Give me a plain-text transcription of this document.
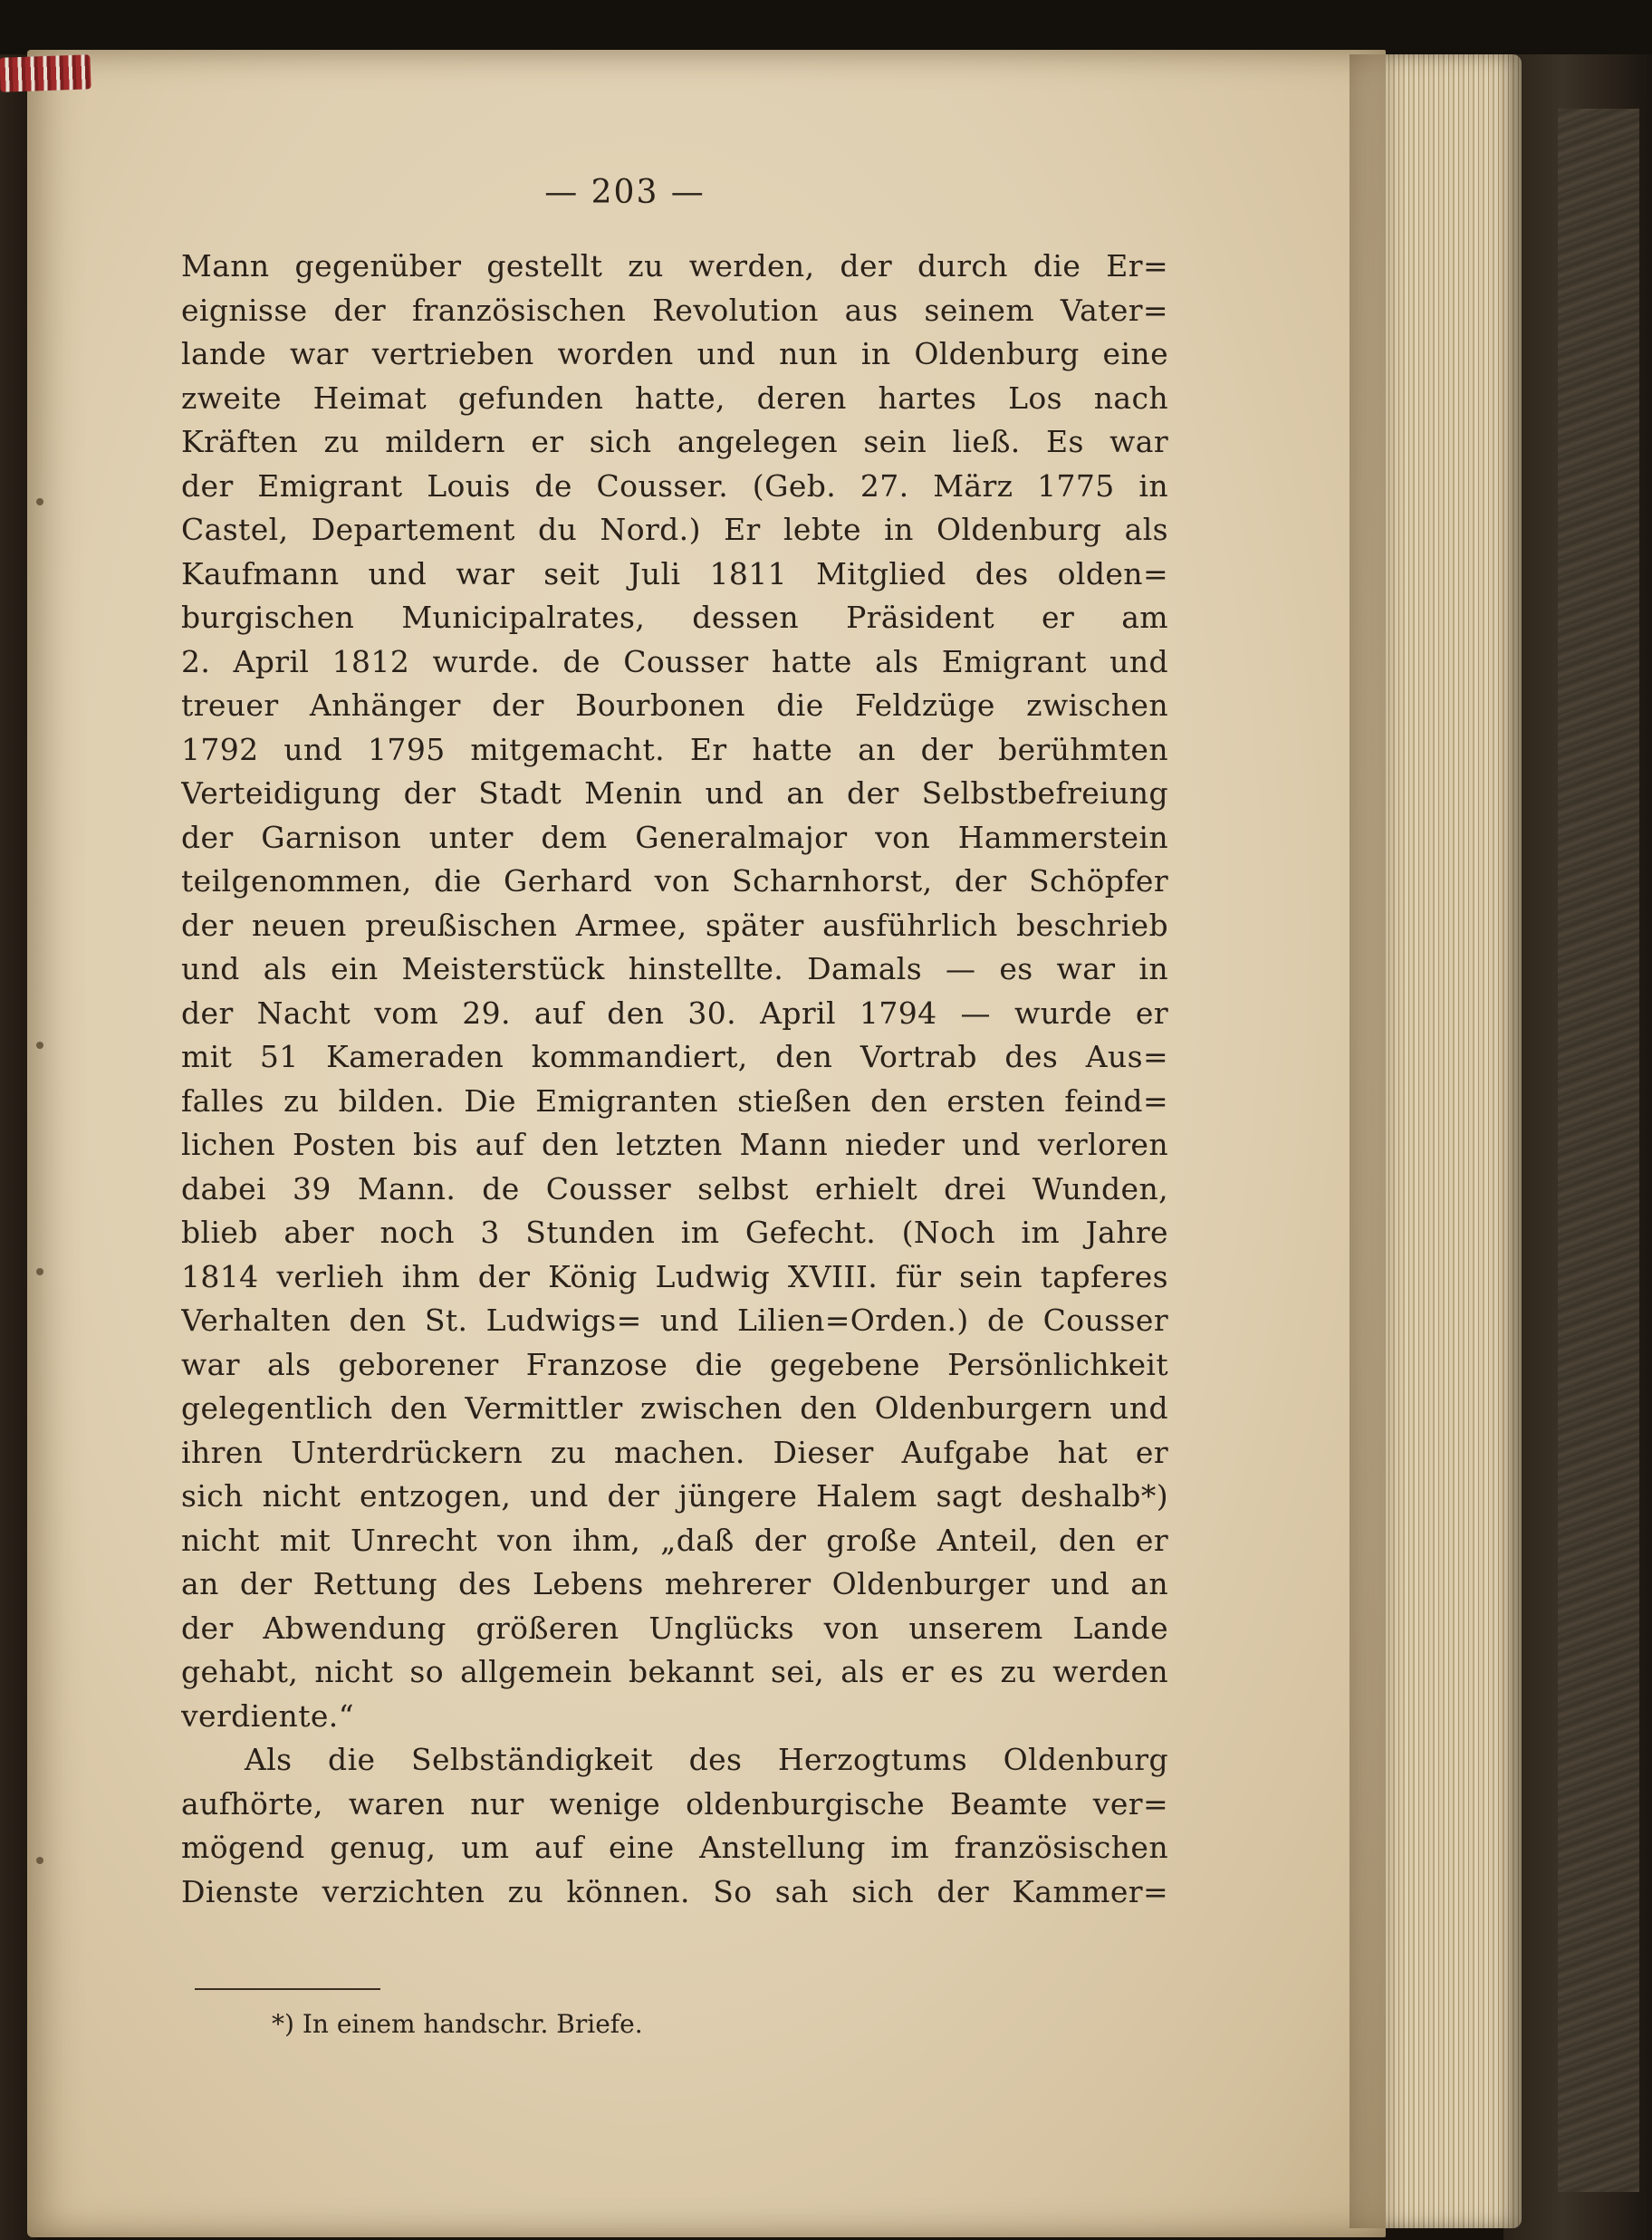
— 203 —
Mann gegenüber gestellt zu werden, der durch die Er=
eignisse der französischen Revolution aus seinem Vater=
lande war vertrieben worden und nun in Oldenburg eine
zweite Heimat gefunden hatte, deren hartes Los nach
Kräften zu mildern er sich angelegen sein ließ. Es war
der Emigrant Louis de Cousser. (Geb. 27. März 1775 in
Castel, Departement du Nord.) Er lebte in Oldenburg als
Kaufmann und war seit Juli 1811 Mitglied des olden=
burgischen Municipalrates, dessen Präsident er am
2. April 1812 wurde. de Cousser hatte als Emigrant und
treuer Anhänger der Bourbonen die Feldzüge zwischen
1792 und 1795 mitgemacht. Er hatte an der berühmten
Verteidigung der Stadt Menin und an der Selbstbefreiung
der Garnison unter dem Generalmajor von Hammerstein
teilgenommen, die Gerhard von Scharnhorst, der Schöpfer
der neuen preußischen Armee, später ausführlich beschrieb
und als ein Meisterstück hinstellte. Damals — es war in
der Nacht vom 29. auf den 30. April 1794 — wurde er
mit 51 Kameraden kommandiert, den Vortrab des Aus=
falles zu bilden. Die Emigranten stießen den ersten feind=
lichen Posten bis auf den letzten Mann nieder und verloren
dabei 39 Mann. de Cousser selbst erhielt drei Wunden,
blieb aber noch 3 Stunden im Gefecht. (Noch im Jahre
1814 verlieh ihm der König Ludwig XVIII. für sein tapferes
Verhalten den St. Ludwigs= und Lilien=Orden.) de Cousser
war als geborener Franzose die gegebene Persönlichkeit
gelegentlich den Vermittler zwischen den Oldenburgern und
ihren Unterdrückern zu machen. Dieser Aufgabe hat er
sich nicht entzogen, und der jüngere Halem sagt deshalb*)
nicht mit Unrecht von ihm, „daß der große Anteil, den er
an der Rettung des Lebens mehrerer Oldenburger und an
der Abwendung größeren Unglücks von unserem Lande
gehabt, nicht so allgemein bekannt sei, als er es zu werden
verdiente.“
Als die Selbständigkeit des Herzogtums Oldenburg
aufhörte, waren nur wenige oldenburgische Beamte ver=
mögend genug, um auf eine Anstellung im französischen
Dienste verzichten zu können. So sah sich der Kammer=
*) In einem handschr. Briefe.
